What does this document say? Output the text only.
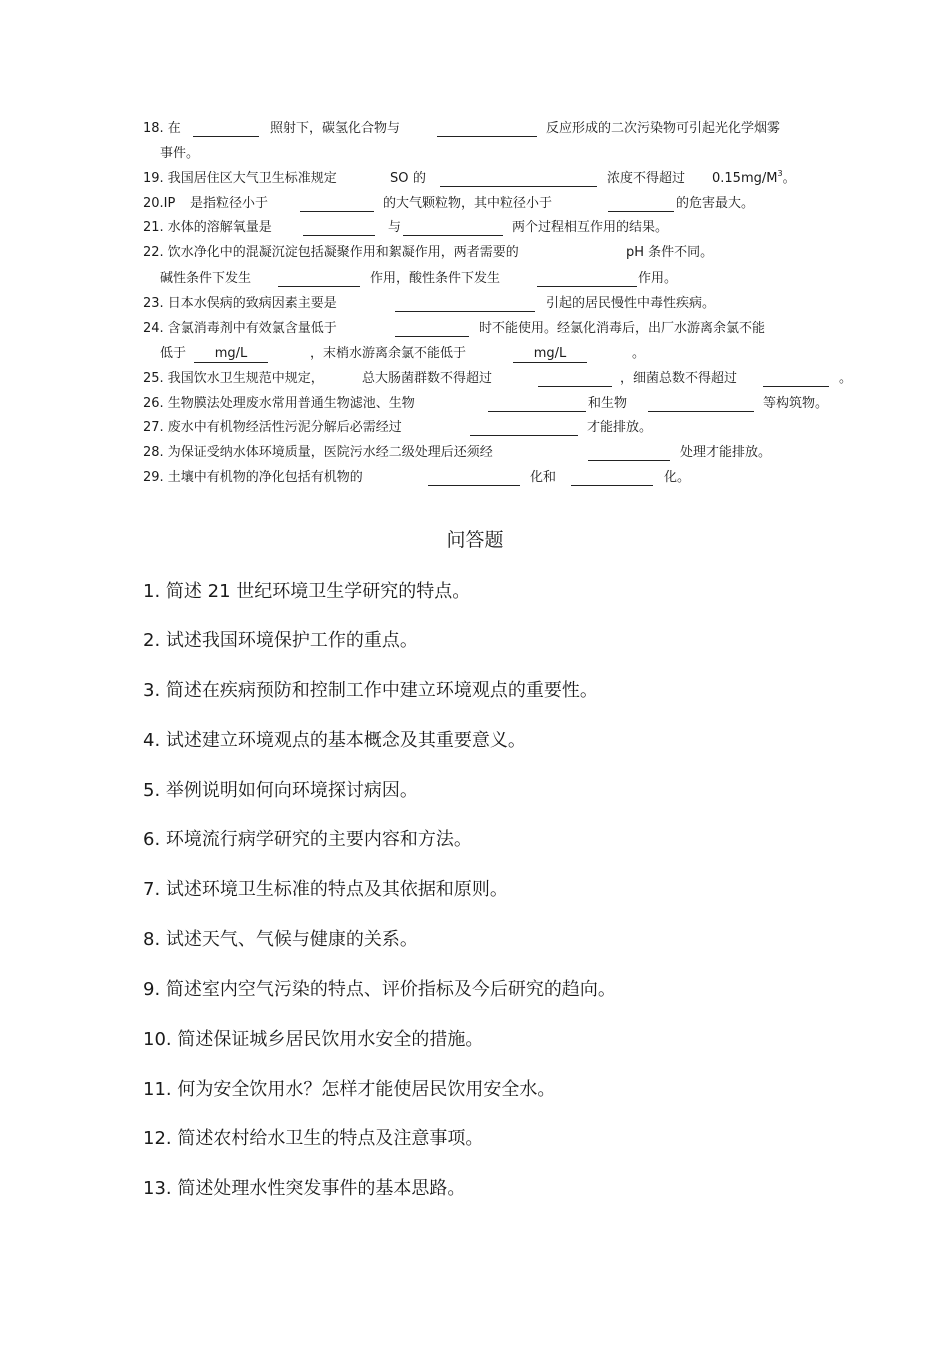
18. 在	照射下，碳氢化合物与	反应形成的二次污染物可引起光化学烟雾
事件。
19. 我国居住区大气卫生标准规定	SO 的	浓度不得超过 $0.15mg/M^3$。
20.IP 是指粒径小于	的大气颗粒物，其中粒径小于	的危害最大。
21. 水体的溶解氧量是	与	两个过程相互作用的结果。
22. 饮水净化中的混凝沉淀包括凝聚作用和絮凝作用，两者需要的	pH 条件不同。
碱性条件下发生	作用，酸性条件下发生	作用。
23. 日本水俣病的致病因素主要是	引起的居民慢性中毒性疾病。
24. 含氯消毒剂中有效氯含量低于	时不能使用。经氯化消毒后，出厂水游离余氯不能
低于	mg/L	，末梢水游离余氯不能低于	mg/L	。
25. 我国饮水卫生规范中规定，	总大肠菌群数不得超过	，细菌总数不得超过	。
26. 生物膜法处理废水常用普通生物滤池、生物	和生物	等构筑物。
27. 废水中有机物经活性污泥分解后必需经过	才能排放。
28. 为保证受纳水体环境质量，医院污水经二级处理后还须经	处理才能排放。
29. 土壤中有机物的净化包括有机物的	化和	化。
问答题
1. 简述 21 世纪环境卫生学研究的特点。
2. 试述我国环境保护工作的重点。
3. 简述在疾病预防和控制工作中建立环境观点的重要性。
4. 试述建立环境观点的基本概念及其重要意义。
5. 举例说明如何向环境探讨病因。
6. 环境流行病学研究的主要内容和方法。
7. 试述环境卫生标准的特点及其依据和原则。
8. 试述天气、气候与健康的关系。
9. 简述室内空气污染的特点、评价指标及今后研究的趋向。
10. 简述保证城乡居民饮用水安全的措施。
11. 何为安全饮用水？怎样才能使居民饮用安全水。
12. 简述农村给水卫生的特点及注意事项。
13. 简述处理水性突发事件的基本思路。
